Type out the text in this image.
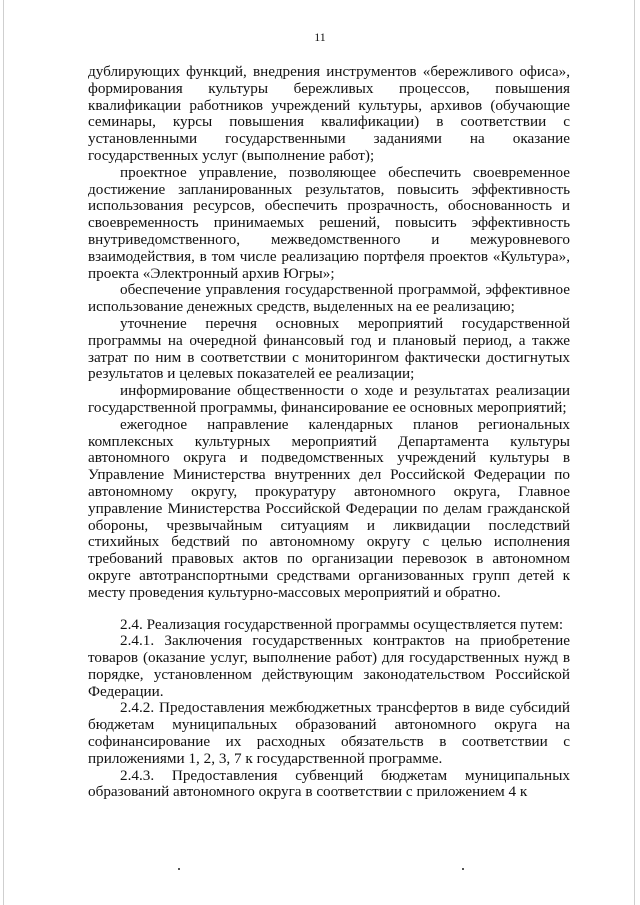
11

дублирующих функций, внедрения инструментов «бережливого офиса», формирования культуры бережливых процессов, повышения квалификации работников учреждений культуры, архивов (обучающие семинары, курсы повышения квалификации) в соответствии с установленными государственными заданиями на оказание государственных услуг (выполнение работ);

проектное управление, позволяющее обеспечить своевременное достижение запланированных результатов, повысить эффективность использования ресурсов, обеспечить прозрачность, обоснованность и своевременность принимаемых решений, повысить эффективность внутриведомственного, межведомственного и межуровневого взаимодействия, в том числе реализацию портфеля проектов «Культура», проекта «Электронный архив Югры»;

обеспечение управления государственной программой, эффективное использование денежных средств, выделенных на ее реализацию;

уточнение перечня основных мероприятий государственной программы на очередной финансовый год и плановый период, а также затрат по ним в соответствии с мониторингом фактически достигнутых результатов и целевых показателей ее реализации;

информирование общественности о ходе и результатах реализации государственной программы, финансирование ее основных мероприятий;

ежегодное направление календарных планов региональных комплексных культурных мероприятий Департамента культуры автономного округа и подведомственных учреждений культуры в Управление Министерства внутренних дел Российской Федерации по автономному округу, прокуратуру автономного округа, Главное управление Министерства Российской Федерации по делам гражданской обороны, чрезвычайным ситуациям и ликвидации последствий стихийных бедствий по автономному округу с целью исполнения требований правовых актов по организации перевозок в автономном округе автотранспортными средствами организованных групп детей к месту проведения культурно-массовых мероприятий и обратно.

2.4. Реализация государственной программы осуществляется путем:

2.4.1. Заключения государственных контрактов на приобретение товаров (оказание услуг, выполнение работ) для государственных нужд в порядке, установленном действующим законодательством Российской Федерации.

2.4.2. Предоставления межбюджетных трансфертов в виде субсидий бюджетам муниципальных образований автономного округа на софинансирование их расходных обязательств в соответствии с приложениями 1, 2, 3, 7 к государственной программе.

2.4.3. Предоставления субвенций бюджетам муниципальных образований автономного округа в соответствии с приложением 4 к
